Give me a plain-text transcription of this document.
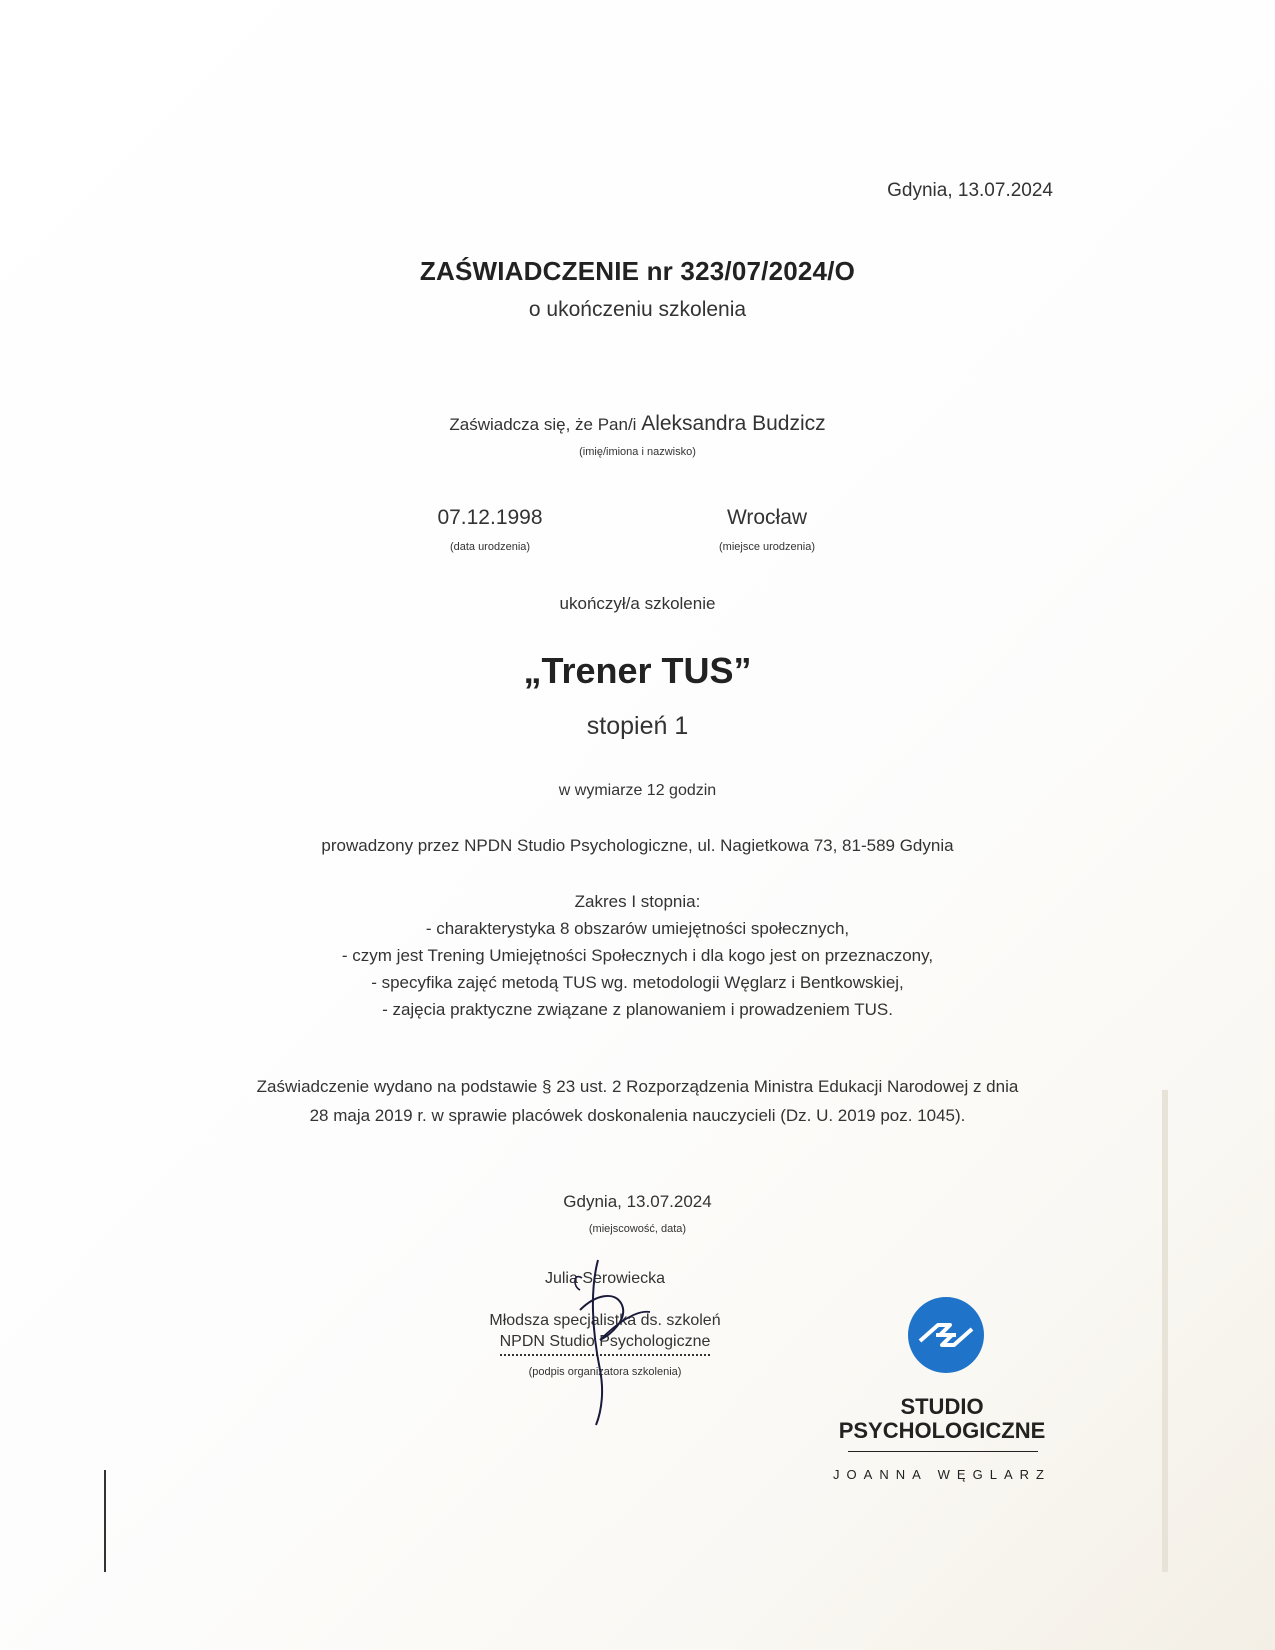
Gdynia, 13.07.2024
ZAŚWIADCZENIE nr 323/07/2024/O
o ukończeniu szkolenia
Zaświadcza się, że Pan/i Aleksandra Budzicz
(imię/imiona i nazwisko)
07.12.1998
(data urodzenia)
Wrocław
(miejsce urodzenia)
ukończył/a szkolenie
„Trener TUS”
stopień 1
w wymiarze 12 godzin
prowadzony przez NPDN Studio Psychologiczne, ul. Nagietkowa 73, 81-589 Gdynia
Zakres I stopnia:
- charakterystyka 8 obszarów umiejętności społecznych,
- czym jest Trening Umiejętności Społecznych i dla kogo jest on przeznaczony,
- specyfika zajęć metodą TUS wg. metodologii Węglarz i Bentkowskiej,
- zajęcia praktyczne związane z planowaniem i prowadzeniem TUS.
Zaświadczenie wydano na podstawie § 23 ust. 2 Rozporządzenia Ministra Edukacji Narodowej z dnia
28 maja 2019 r. w sprawie placówek doskonalenia nauczycieli (Dz. U. 2019 poz. 1045).
Gdynia, 13.07.2024
(miejscowość, data)
Julia Serowiecka
Młodsza specjalistka ds. szkoleń
NPDN Studio Psychologiczne
(podpis organizatora szkolenia)
STUDIO
PSYCHOLOGICZNE
JOANNA WĘGLARZ
